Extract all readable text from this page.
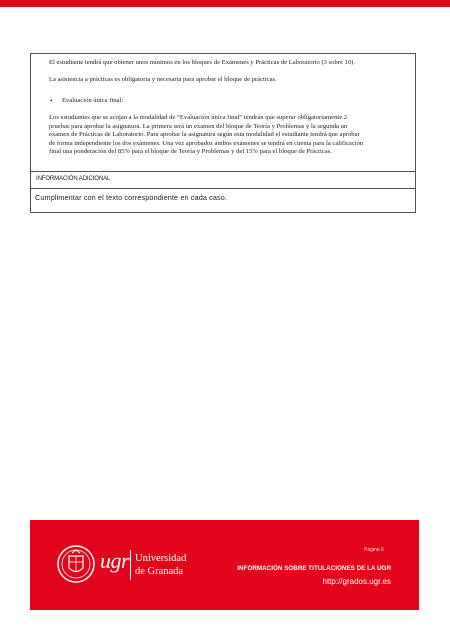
El estudiante tendrá que obtener unos mínimos en los bloques de Exámenes y Prácticas de Laboratorio (3 sobre 10).

La asistencia a prácticas es obligatoria y necesaria para aprobar el bloque de prácticas.

• Evaluación única final:

Los estudiantes que se acojan a la modalidad de “Evaluación única final” tendrán que superar obligatoriamente 2

pruebas para aprobar la asignatura. La primera será un examen del bloque de Teoría y Problemas y la segunda un

examen de Prácticas de Laboratorio. Para aprobar la asignatura según esta modalidad el estudiante tendrá que aprobar

de forma independiente los dos exámenes. Una vez aprobados ambos exámenes se tendrá en cuenta para la calificación

final una ponderación del 85% para el bloque de Teoría y Problemas y del 15% para el bloque de Prácticas.

INFORMACIÓN ADICIONAL
Cumplimentar con el texto correspondiente en cada caso.
ugr Universidad
de Granada
Página 6
INFORMACIÓN SOBRE TITULACIONES DE LA UGR
http://grados.ugr.es
